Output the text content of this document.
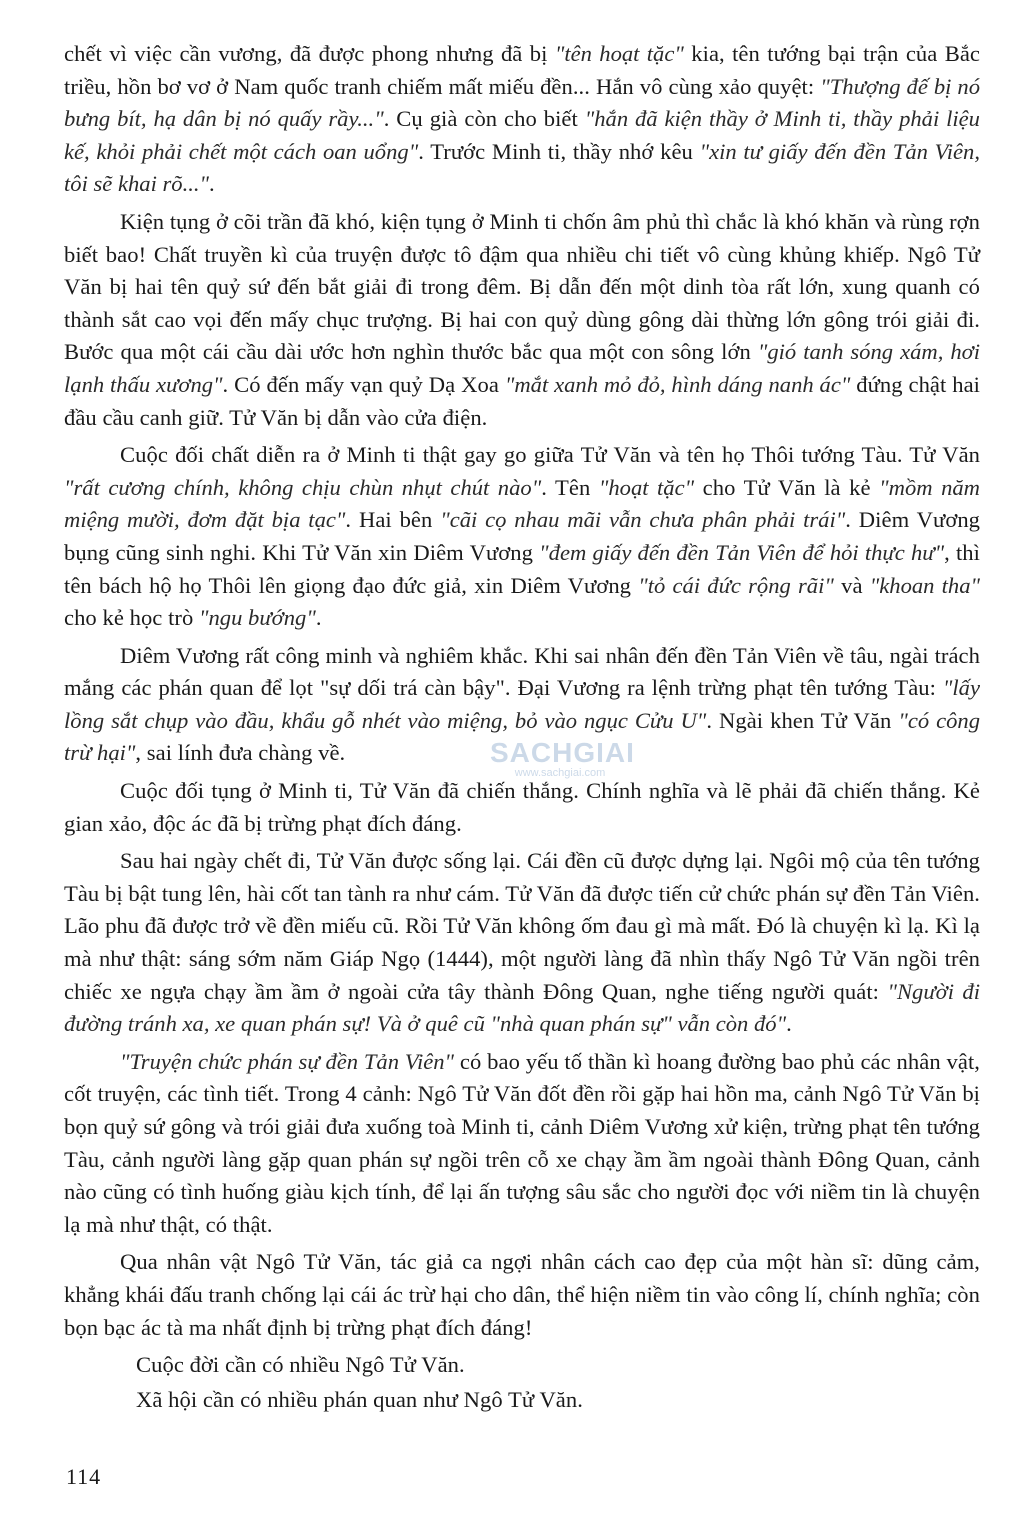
chết vì việc cần vương, đã được phong nhưng đã bị "tên hoạt tặc" kia, tên tướng bại trận của Bắc triều, hồn bơ vơ ở Nam quốc tranh chiếm mất miếu đền... Hắn vô cùng xảo quyệt: "Thượng đế bị nó bưng bít, hạ dân bị nó quấy rầy...". Cụ già còn cho biết "hắn đã kiện thầy ở Minh ti, thầy phải liệu kế, khỏi phải chết một cách oan uổng". Trước Minh ti, thầy nhớ kêu "xin tư giấy đến đền Tản Viên, tôi sẽ khai rõ...".

Kiện tụng ở cõi trần đã khó, kiện tụng ở Minh ti chốn âm phủ thì chắc là khó khăn và rùng rợn biết bao! Chất truyền kì của truyện được tô đậm qua nhiều chi tiết vô cùng khủng khiếp. Ngô Tử Văn bị hai tên quỷ sứ đến bắt giải đi trong đêm. Bị dẫn đến một dinh tòa rất lớn, xung quanh có thành sắt cao vọi đến mấy chục trượng. Bị hai con quỷ dùng gông dài thừng lớn gông trói giải đi. Bước qua một cái cầu dài ước hơn nghìn thước bắc qua một con sông lớn "gió tanh sóng xám, hơi lạnh thấu xương". Có đến mấy vạn quỷ Dạ Xoa "mắt xanh mỏ đỏ, hình dáng nanh ác" đứng chật hai đầu cầu canh giữ. Tử Văn bị dẫn vào cửa điện.

Cuộc đối chất diễn ra ở Minh ti thật gay go giữa Tử Văn và tên họ Thôi tướng Tàu. Tử Văn "rất cương chính, không chịu chùn nhụt chút nào". Tên "hoạt tặc" cho Tử Văn là kẻ "mồm năm miệng mười, đơm đặt bịa tạc". Hai bên "cãi cọ nhau mãi vẫn chưa phân phải trái". Diêm Vương bụng cũng sinh nghi. Khi Tử Văn xin Diêm Vương "đem giấy đến đền Tản Viên để hỏi thực hư", thì tên bách hộ họ Thôi lên giọng đạo đức giả, xin Diêm Vương "tỏ cái đức rộng rãi" và "khoan tha" cho kẻ học trò "ngu bướng".

Diêm Vương rất công minh và nghiêm khắc. Khi sai nhân đến đền Tản Viên về tâu, ngài trách mắng các phán quan để lọt "sự dối trá càn bậy". Đại Vương ra lệnh trừng phạt tên tướng Tàu: "lấy lồng sắt chụp vào đầu, khẩu gỗ nhét vào miệng, bỏ vào ngục Cửu U". Ngài khen Tử Văn "có công trừ hại", sai lính đưa chàng về.

Cuộc đối tụng ở Minh ti, Tử Văn đã chiến thắng. Chính nghĩa và lẽ phải đã chiến thắng. Kẻ gian xảo, độc ác đã bị trừng phạt đích đáng.

Sau hai ngày chết đi, Tử Văn được sống lại. Cái đền cũ được dựng lại. Ngôi mộ của tên tướng Tàu bị bật tung lên, hài cốt tan tành ra như cám. Tử Văn đã được tiến cử chức phán sự đền Tản Viên. Lão phu đã được trở về đền miếu cũ. Rồi Tử Văn không ốm đau gì mà mất. Đó là chuyện kì lạ. Kì lạ mà như thật: sáng sớm năm Giáp Ngọ (1444), một người làng đã nhìn thấy Ngô Tử Văn ngồi trên chiếc xe ngựa chạy ầm ầm ở ngoài cửa tây thành Đông Quan, nghe tiếng người quát: "Người đi đường tránh xa, xe quan phán sự! Và ở quê cũ "nhà quan phán sự" vẫn còn đó".

"Truyện chức phán sự đền Tản Viên" có bao yếu tố thần kì hoang đường bao phủ các nhân vật, cốt truyện, các tình tiết. Trong 4 cảnh: Ngô Tử Văn đốt đền rồi gặp hai hồn ma, cảnh Ngô Tử Văn bị bọn quỷ sứ gông và trói giải đưa xuống toà Minh ti, cảnh Diêm Vương xử kiện, trừng phạt tên tướng Tàu, cảnh người làng gặp quan phán sự ngồi trên cỗ xe chạy ầm ầm ngoài thành Đông Quan, cảnh nào cũng có tình huống giàu kịch tính, để lại ấn tượng sâu sắc cho người đọc với niềm tin là chuyện lạ mà như thật, có thật.

Qua nhân vật Ngô Tử Văn, tác giả ca ngợi nhân cách cao đẹp của một hàn sĩ: dũng cảm, khẳng khái đấu tranh chống lại cái ác trừ hại cho dân, thể hiện niềm tin vào công lí, chính nghĩa; còn bọn bạc ác tà ma nhất định bị trừng phạt đích đáng!

Cuộc đời cần có nhiều Ngô Tử Văn.

Xã hội cần có nhiều phán quan như Ngô Tử Văn.

SACHGIAI
www.sachgiai.com
114
